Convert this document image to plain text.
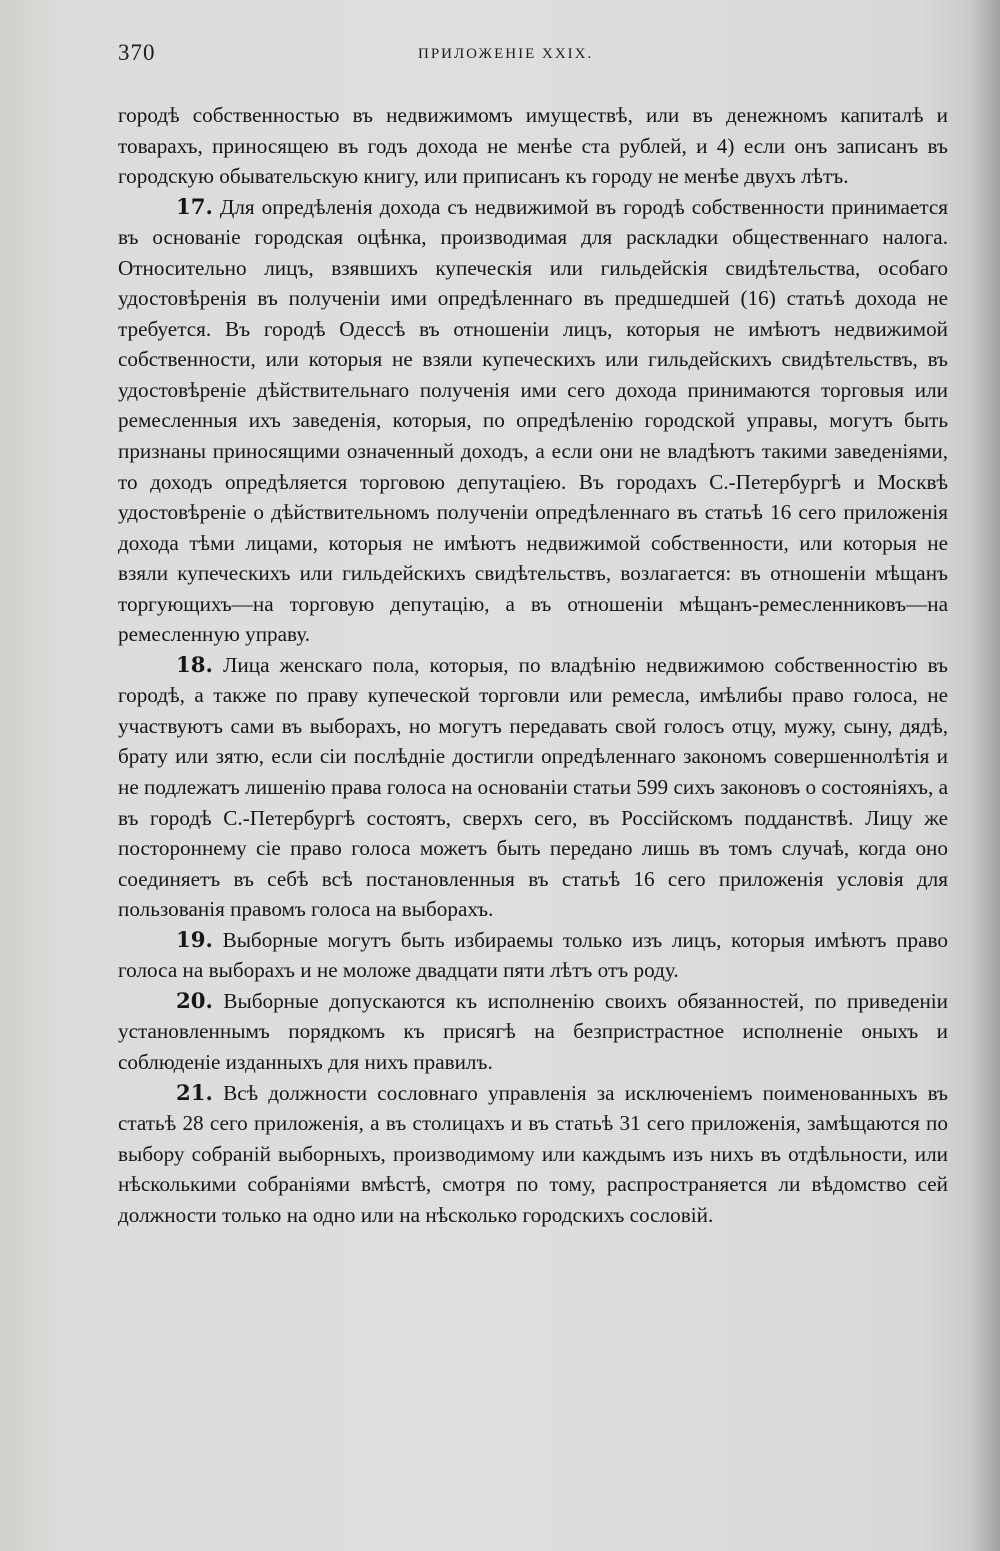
370	ПРИЛОЖЕНІЕ XXIX.

городѣ собственностью въ недвижимомъ имуществѣ, или въ денежномъ капиталѣ и товарахъ, приносящею въ годъ дохода не менѣе ста рублей, и 4) если онъ записанъ въ городскую обывательскую книгу, или приписанъ къ городу не менѣе двухъ лѣтъ.

17. Для опредѣленія дохода съ недвижимой въ городѣ собственности принимается въ основаніе городская оцѣнка, производимая для раскладки общественнаго налога. Относительно лицъ, взявшихъ купеческія или гильдейскія свидѣтельства, особаго удостовѣренія въ полученіи ими опредѣленнаго въ предшедшей (16) статьѣ дохода не требуется. Въ городѣ Одессѣ въ отношеніи лицъ, которыя не имѣютъ недвижимой собственности, или которыя не взяли купеческихъ или гильдейскихъ свидѣтельствъ, въ удостовѣреніе дѣйствительнаго полученія ими сего дохода принимаются торговыя или ремесленныя ихъ заведенія, которыя, по опредѣленію городской управы, могутъ быть признаны приносящими означенный доходъ, а если они не владѣютъ такими заведеніями, то доходъ опредѣляется торговою депутаціею. Въ городахъ С.-Петербургѣ и Москвѣ удостовѣреніе о дѣйствительномъ полученіи опредѣленнаго въ статьѣ 16 сего приложенія дохода тѣми лицами, которыя не имѣютъ недвижимой собственности, или которыя не взяли купеческихъ или гильдейскихъ свидѣтельствъ, возлагается: въ отношеніи мѣщанъ торгующихъ—на торговую депутацію, а въ отношеніи мѣщанъ-ремесленниковъ—на ремесленную управу.

18. Лица женскаго пола, которыя, по владѣнію недвижимою собственностію въ городѣ, а также по праву купеческой торговли или ремесла, имѣлибы право голоса, не участвуютъ сами въ выборахъ, но могутъ передавать свой голосъ отцу, мужу, сыну, дядѣ, брату или зятю, если сіи послѣдніе достигли опредѣленнаго закономъ совершеннолѣтія и не подлежатъ лишенію права голоса на основаніи статьи 599 сихъ законовъ о состояніяхъ, а въ городѣ С.-Петербургѣ состоятъ, сверхъ сего, въ Россійскомъ подданствѣ. Лицу же постороннему сіе право голоса можетъ быть передано лишь въ томъ случаѣ, когда оно соединяетъ въ себѣ всѣ постановленныя въ статьѣ 16 сего приложенія условія для пользованія правомъ голоса на выборахъ.

19. Выборные могутъ быть избираемы только изъ лицъ, которыя имѣютъ право голоса на выборахъ и не моложе двадцати пяти лѣтъ отъ роду.

20. Выборные допускаются къ исполненію своихъ обязанностей, по приведеніи установленнымъ порядкомъ къ присягѣ на безпристрастное исполненіе оныхъ и соблюденіе изданныхъ для нихъ правилъ.

21. Всѣ должности сословнаго управленія за исключеніемъ поименованныхъ въ статьѣ 28 сего приложенія, а въ столицахъ и въ статьѣ 31 сего приложенія, замѣщаются по выбору собраній выборныхъ, производимому или каждымъ изъ нихъ въ отдѣльности, или нѣсколькими собраніями вмѣстѣ, смотря по тому, распространяется ли вѣдомство сей должности только на одно или на нѣсколько городскихъ сословій.
